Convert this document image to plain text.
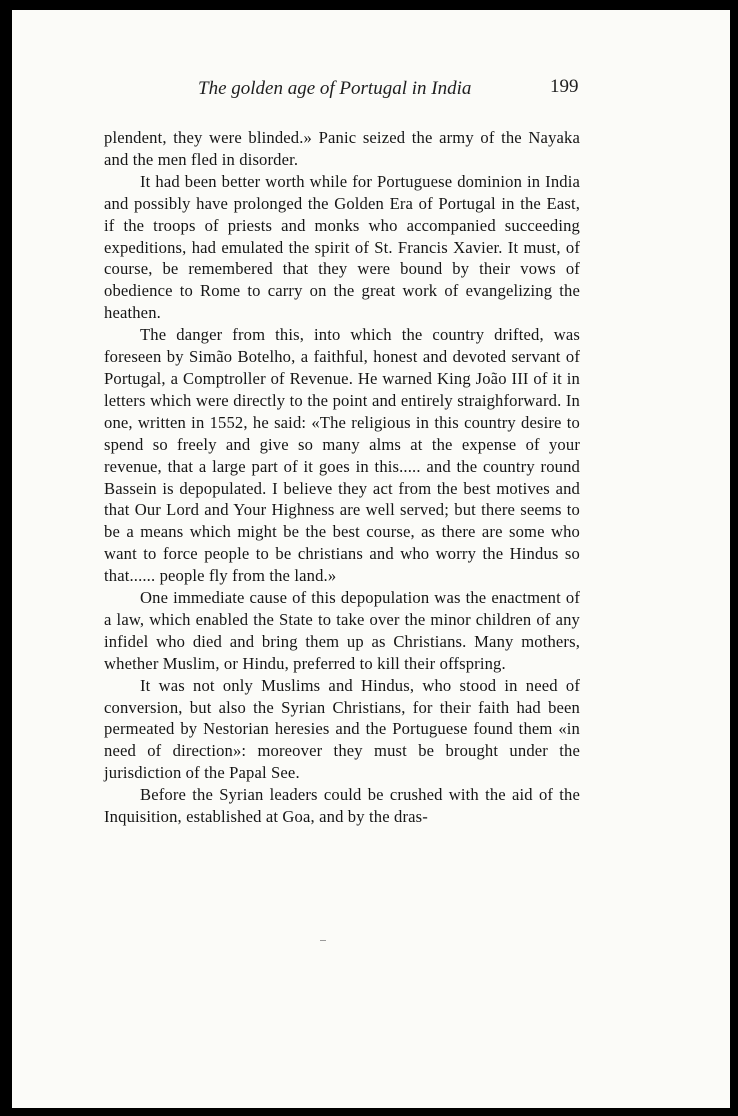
The golden age of Portugal in India	199

plendent, they were blinded.» Panic seized the army of the Nayaka and the men fled in disorder.

It had been better worth while for Portuguese dominion in India and possibly have prolonged the Golden Era of Portugal in the East, if the troops of priests and monks who accompanied succeeding expeditions, had emulated the spirit of St. Francis Xavier. It must, of course, be remembered that they were bound by their vows of obedience to Rome to carry on the great work of evangelizing the heathen.

The danger from this, into which the country drifted, was foreseen by Simão Botelho, a faithful, honest and devoted servant of Portugal, a Comptroller of Revenue. He warned King João III of it in letters which were directly to the point and entirely straighforward. In one, written in 1552, he said: «The religious in this country desire to spend so freely and give so many alms at the expense of your revenue, that a large part of it goes in this..... and the country round Bassein is depopulated. I believe they act from the best motives and that Our Lord and Your Highness are well served; but there seems to be a means which might be the best course, as there are some who want to force people to be christians and who worry the Hindus so that...... people fly from the land.»

One immediate cause of this depopulation was the enactment of a law, which enabled the State to take over the minor children of any infidel who died and bring them up as Christians. Many mothers, whether Muslim, or Hindu, preferred to kill their offspring.

It was not only Muslims and Hindus, who stood in need of conversion, but also the Syrian Christians, for their faith had been permeated by Nestorian heresies and the Portuguese found them «in need of direction»: moreover they must be brought under the jurisdiction of the Papal See.

Before the Syrian leaders could be crushed with the aid of the Inquisition, established at Goa, and by the dras-
